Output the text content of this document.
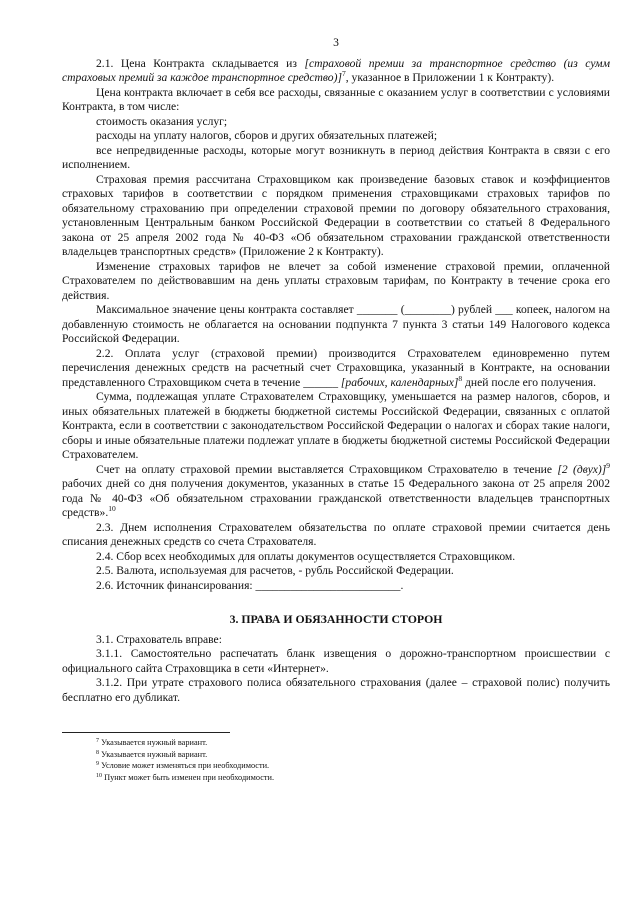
3

2.1. Цена Контракта складывается из [страховой премии за транспортное средство (из сумм страховых премий за каждое транспортное средство)]$^7$, указанное в Приложении 1 к Контракту).

Цена контракта включает в себя все расходы, связанные с оказанием услуг в соответствии с условиями Контракта, в том числе:

стоимость оказания услуг;

расходы на уплату налогов, сборов и других обязательных платежей;

все непредвиденные расходы, которые могут возникнуть в период действия Контракта в связи с его исполнением.

Страховая премия рассчитана Страховщиком как произведение базовых ставок и коэффициентов страховых тарифов в соответствии с порядком применения страховщиками страховых тарифов по обязательному страхованию при определении страховой премии по договору обязательного страхования, установленным Центральным банком Российской Федерации в соответствии со статьей 8 Федерального закона от 25 апреля 2002 года № 40-ФЗ «Об обязательном страховании гражданской ответственности владельцев транспортных средств» (Приложение 2 к Контракту).

Изменение страховых тарифов не влечет за собой изменение страховой премии, оплаченной Страхователем по действовавшим на день уплаты страховым тарифам, по Контракту в течение срока его действия.

Максимальное значение цены контракта составляет _______ (________) рублей ___ копеек, налогом на добавленную стоимость не облагается на основании подпункта 7 пункта 3 статьи 149 Налогового кодекса Российской Федерации.

2.2. Оплата услуг (страховой премии) производится Страхователем единовременно путем перечисления денежных средств на расчетный счет Страховщика, указанный в Контракте, на основании представленного Страховщиком счета в течение ______ [рабочих, календарных]$^8$ дней после его получения.

Сумма, подлежащая уплате Страхователем Страховщику, уменьшается на размер налогов, сборов, и иных обязательных платежей в бюджеты бюджетной системы Российской Федерации, связанных с оплатой Контракта, если в соответствии с законодательством Российской Федерации о налогах и сборах такие налоги, сборы и иные обязательные платежи подлежат уплате в бюджеты бюджетной системы Российской Федерации Страхователем.

Счет на оплату страховой премии выставляется Страховщиком Страхователю в течение [2 (двух)]$^9$ рабочих дней со дня получения документов, указанных в статье 15 Федерального закона от 25 апреля 2002 года № 40-ФЗ «Об обязательном страховании гражданской ответственности владельцев транспортных средств».$^{10}$

2.3. Днем исполнения Страхователем обязательства по оплате страховой премии считается день списания денежных средств со счета Страхователя.

2.4. Сбор всех необходимых для оплаты документов осуществляется Страховщиком.

2.5. Валюта, используемая для расчетов, - рубль Российской Федерации.

2.6. Источник финансирования: _________________________.

3. ПРАВА И ОБЯЗАННОСТИ СТОРОН

3.1. Страхователь вправе:

3.1.1. Самостоятельно распечатать бланк извещения о дорожно-транспортном происшествии с официального сайта Страховщика в сети «Интернет».

3.1.2. При утрате страхового полиса обязательного страхования (далее – страховой полис) получить бесплатно его дубликат.

$^7$ Указывается нужный вариант.
$^8$ Указывается нужный вариант.
$^9$ Условие может изменяться при необходимости.
$^{10}$ Пункт может быть изменен при необходимости.
